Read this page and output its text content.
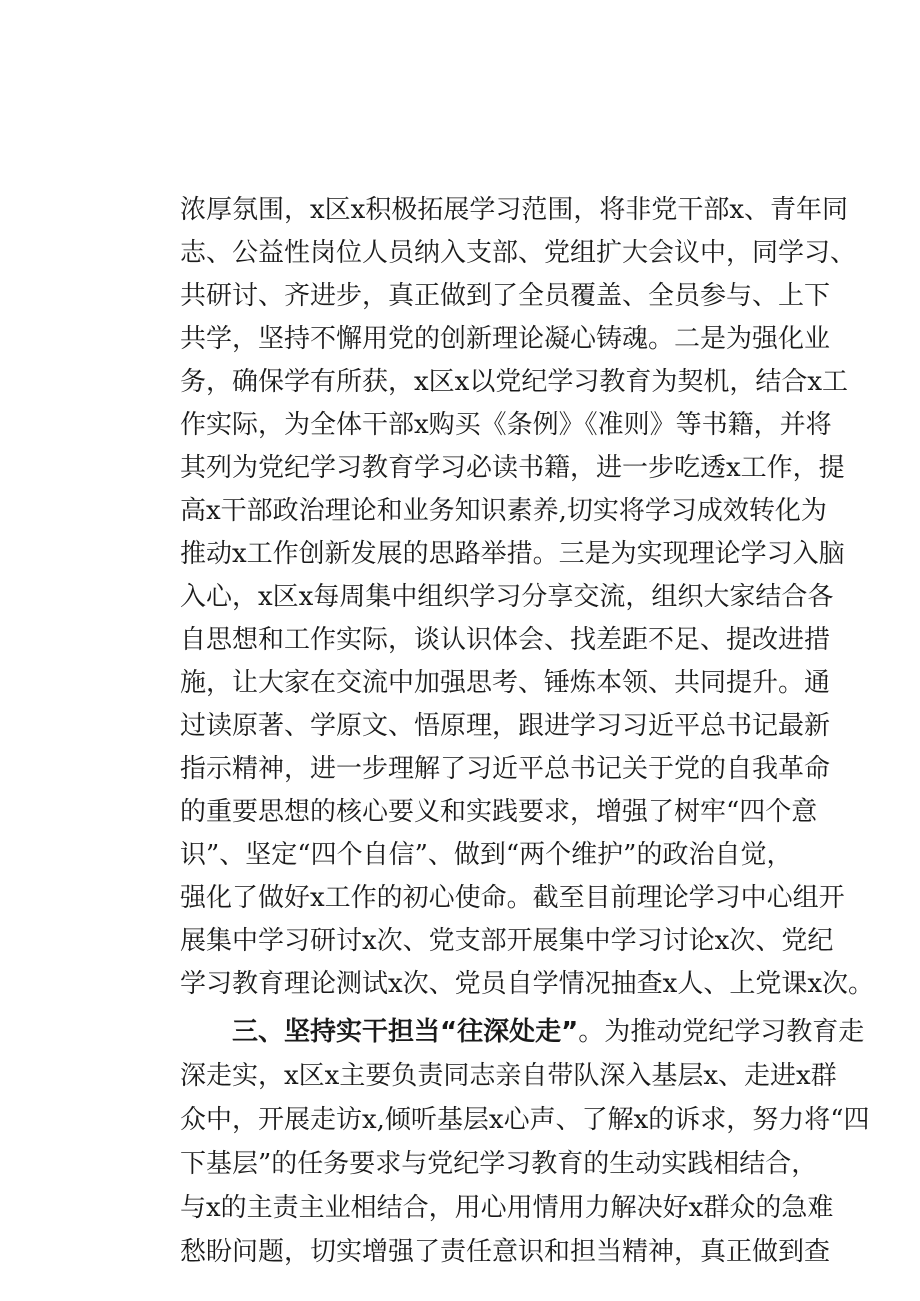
浓厚氛围，x区x积极拓展学习范围，将非党干部x、青年同
志、公益性岗位人员纳入支部、党组扩大会议中，同学习、
共研讨、齐进步，真正做到了全员覆盖、全员参与、上下
共学，坚持不懈用党的创新理论凝心铸魂。二是为强化业
务，确保学有所获，x区x以党纪学习教育为契机，结合x工
作实际，为全体干部x购买《条例》《准则》等书籍，并将
其列为党纪学习教育学习必读书籍，进一步吃透x工作，提
高x干部政治理论和业务知识素养,切实将学习成效转化为
推动x工作创新发展的思路举措。三是为实现理论学习入脑
入心，x区x每周集中组织学习分享交流，组织大家结合各
自思想和工作实际，谈认识体会、找差距不足、提改进措
施，让大家在交流中加强思考、锤炼本领、共同提升。通
过读原著、学原文、悟原理，跟进学习习近平总书记最新
指示精神，进一步理解了习近平总书记关于党的自我革命
的重要思想的核心要义和实践要求，增强了树牢“四个意
识”、坚定“四个自信”、做到“两个维护”的政治自觉，
强化了做好x工作的初心使命。截至目前理论学习中心组开
展集中学习研讨x次、党支部开展集中学习讨论x次、党纪
学习教育理论测试x次、党员自学情况抽查x人、上党课x次。
三、坚持实干担当“往深处走”。为推动党纪学习教育走
深走实，x区x主要负责同志亲自带队深入基层x、走进x群
众中，开展走访x,倾听基层x心声、了解x的诉求，努力将“四
下基层”的任务要求与党纪学习教育的生动实践相结合，
与x的主责主业相结合，用心用情用力解决好x群众的急难
愁盼问题，切实增强了责任意识和担当精神，真正做到查
